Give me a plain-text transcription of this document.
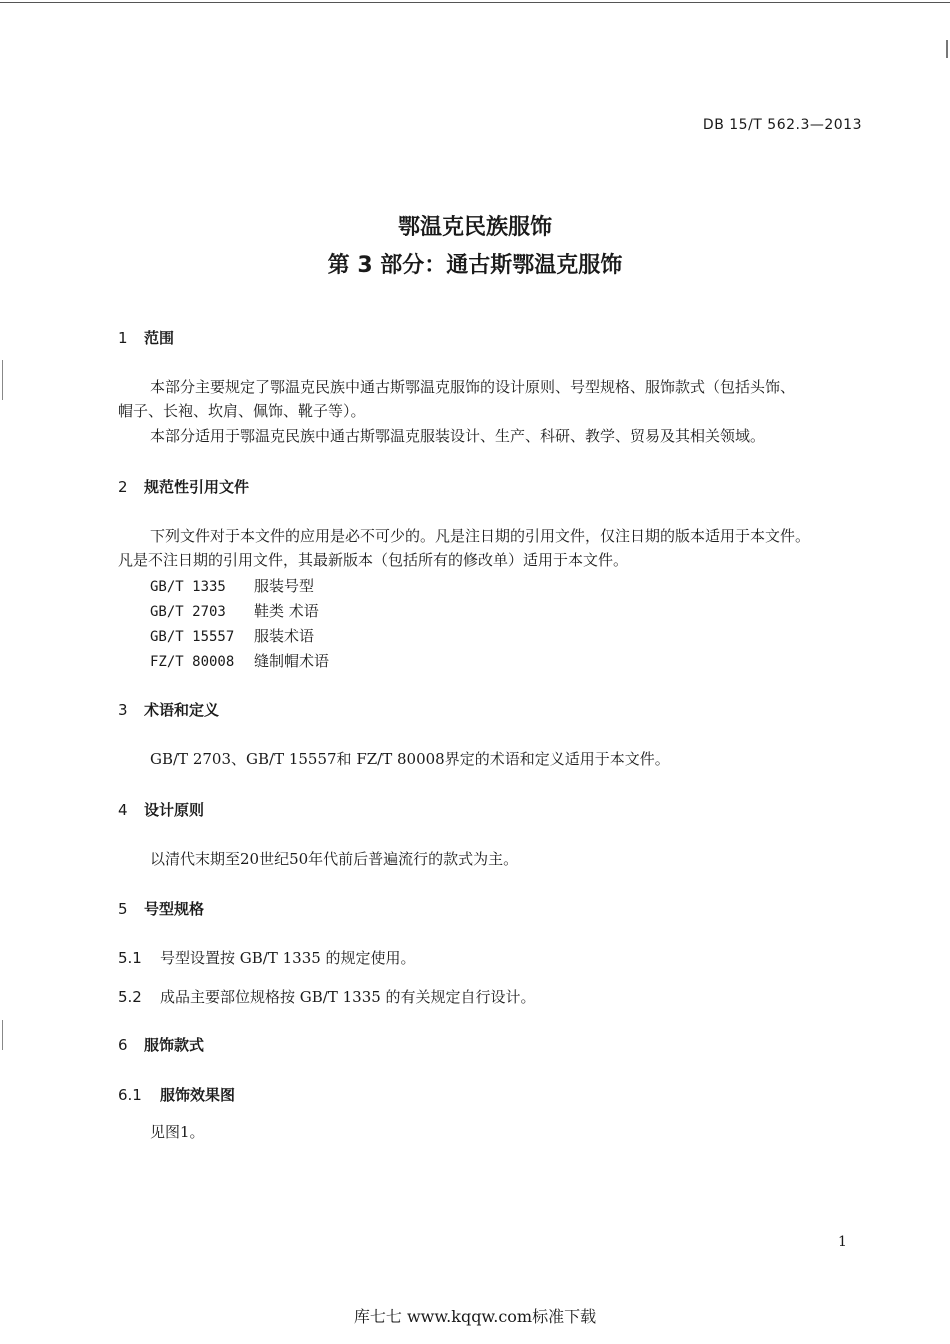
DB 15/T 562.3—2013
鄂温克民族服饰
第 3 部分：通古斯鄂温克服饰
1 范围
本部分主要规定了鄂温克民族中通古斯鄂温克服饰的设计原则、号型规格、服饰款式（包括头饰、
帽子、长袍、坎肩、佩饰、靴子等）。
本部分适用于鄂温克民族中通古斯鄂温克服装设计、生产、科研、教学、贸易及其相关领域。
2 规范性引用文件
下列文件对于本文件的应用是必不可少的。凡是注日期的引用文件，仅注日期的版本适用于本文件。
凡是不注日期的引用文件，其最新版本（包括所有的修改单）适用于本文件。
GB/T 1335 服装号型
GB/T 2703 鞋类 术语
GB/T 15557 服装术语
FZ/T 80008 缝制帽术语
3 术语和定义
GB/T 2703、GB/T 15557和 FZ/T 80008界定的术语和定义适用于本文件。
4 设计原则
以清代末期至20世纪50年代前后普遍流行的款式为主。
5 号型规格
5.1 号型设置按 GB/T 1335 的规定使用。
5.2 成品主要部位规格按 GB/T 1335 的有关规定自行设计。
6 服饰款式
6.1 服饰效果图
见图1。
1
库七七 www.kqqw.com标准下载
